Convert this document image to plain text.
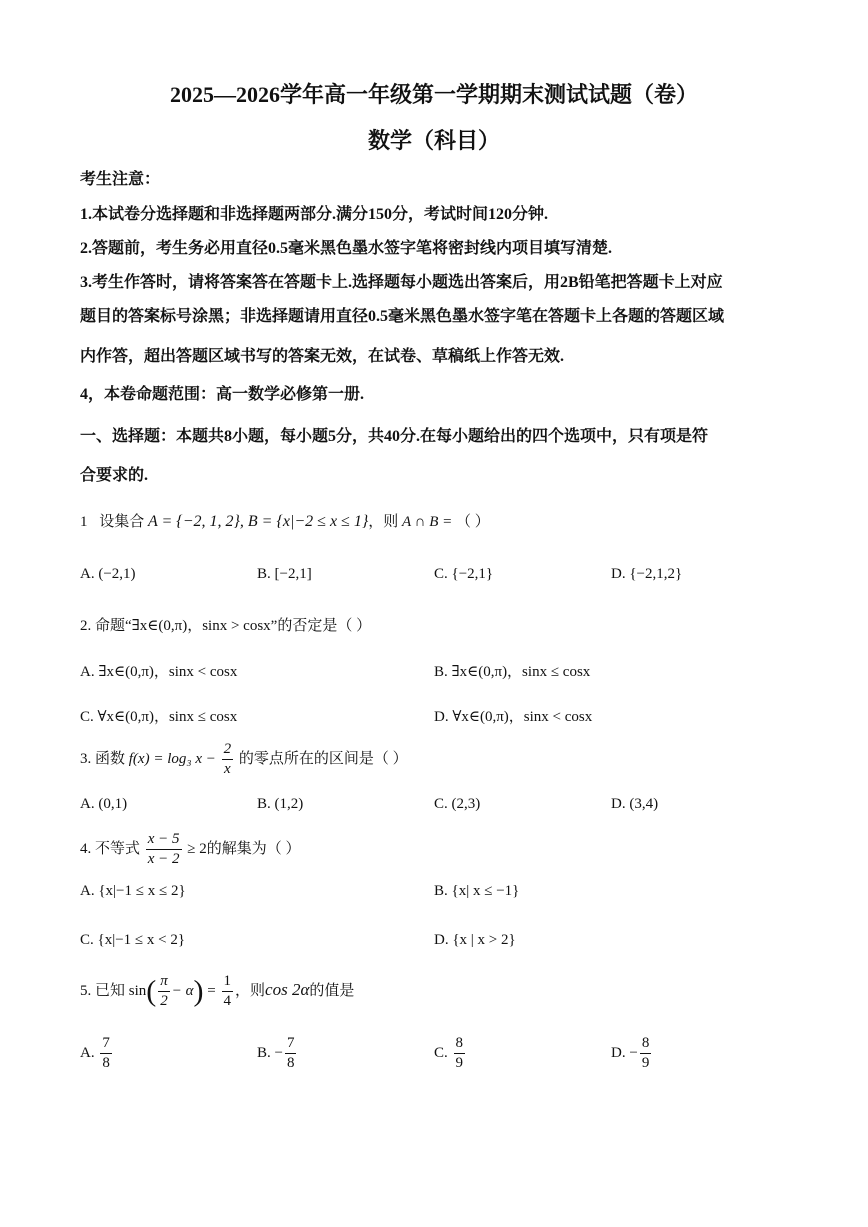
2025—2026学年高一年级第一学期期末测试试题（卷）
数学（科目）
考生注意：
1.本试卷分选择题和非选择题两部分.满分150分，考试时间120分钟.
2.答题前，考生务必用直径0.5毫米黑色墨水签字笔将密封线内项目填写清楚.
3.考生作答时，请将答案答在答题卡上.选择题每小题选出答案后，用2B铅笔把答题卡上对应
题目的答案标号涂黑；非选择题请用直径0.5毫米黑色墨水签字笔在答题卡上各题的答题区域
内作答，超出答题区域书写的答案无效，在试卷、草稿纸上作答无效.
4，本卷命题范围：高一数学必修第一册.
一、选择题：本题共8小题，每小题5分，共40分.在每小题给出的四个选项中，只有项是符
合要求的.
1 设集合 A = {−2, 1, 2}, B = {x|−2 ≤ x ≤ 1}，则 A ∩ B = （ ）
A. (−2,1)	B. [−2,1]	C. {−2,1}	D. {−2,1,2}
2. 命题“∃x∈(0,π)，sinx > cosx”的否定是（ ）
A. ∃x∈(0,π)，sinx < cosx	B. ∃x∈(0,π)，sinx ≤ cosx
C. ∀x∈(0,π)，sinx ≤ cosx	D. ∀x∈(0,π)，sinx < cosx
3. 函数 f(x) = log₃ $x - \frac{2}{x}$ 的零点所在的区间是（ ）
A. (0,1)	B. (1,2)	C. (2,3)	D. (3,4)
4. 不等式 $\frac{x - 5}{x - 2} \ge 2$的解集为（ ）
A. {x|−1 ≤ x ≤ 2}	B. {x| x ≤ −1}
C. {x|−1 ≤ x < 2}	D. {x | x > 2}
5. 已知 $\sin( \frac{\pi}{2} - \alpha) = \frac{1}{4}$ ，则cos 2α的值是
A. $\frac{7}{8}$	B. − $\frac{7}{8}$	C. $\frac{8}{9}$	D. − $\frac{8}{9}$
